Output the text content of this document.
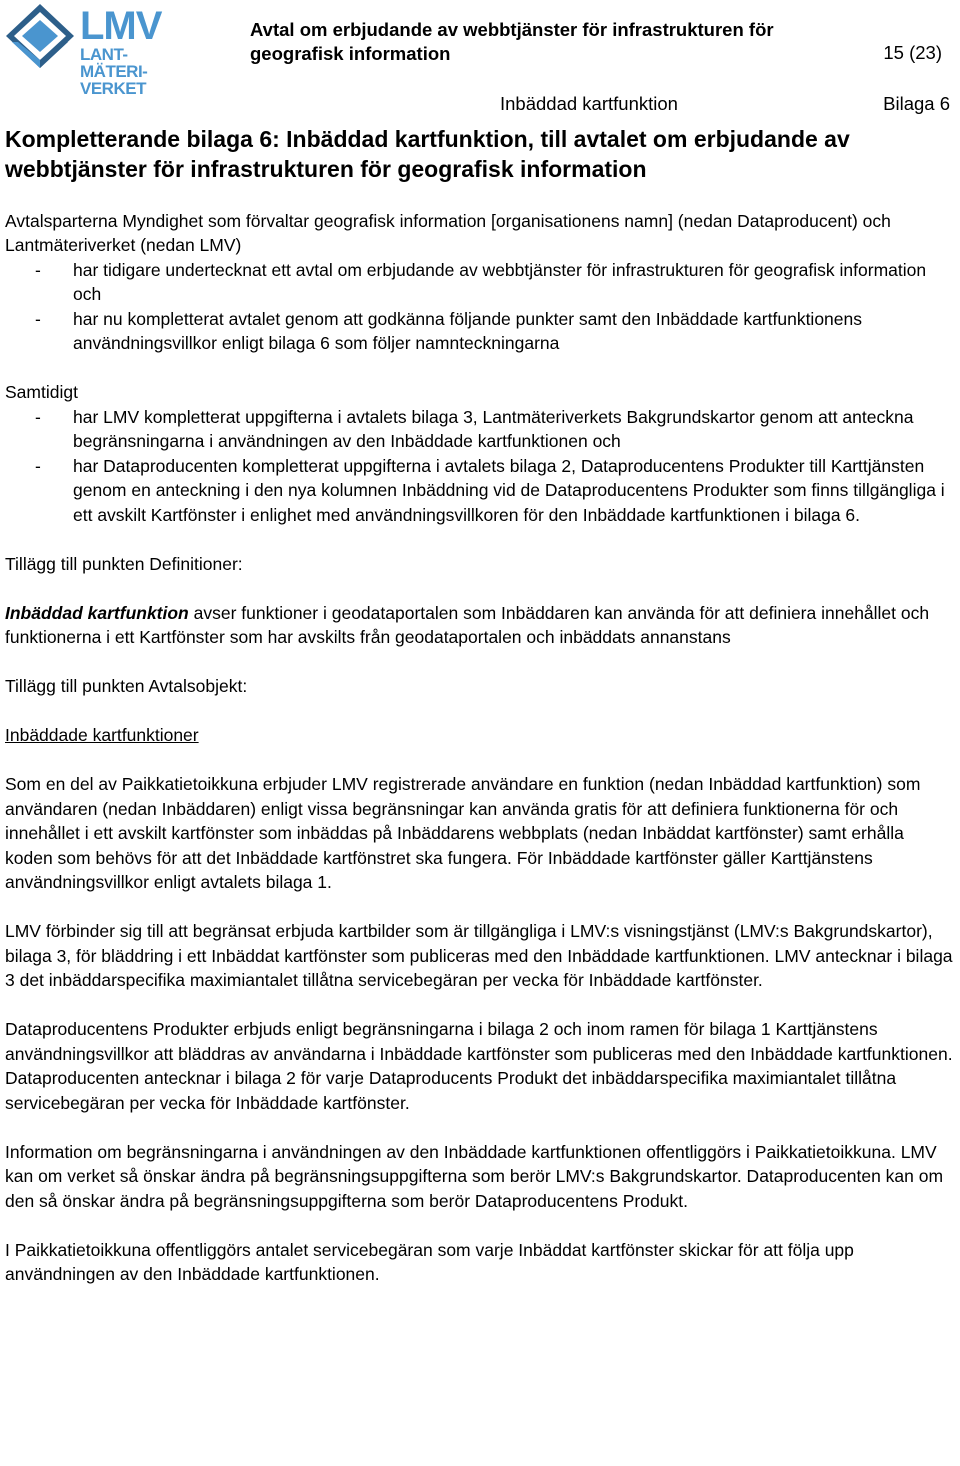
LMV
LANT-
MÄTERI-
VERKET
Avtal om erbjudande av webbtjänster för infrastrukturen för
geografisk information	15 (23)
Inbäddad kartfunktion	Bilaga 6
Kompletterande bilaga 6: Inbäddad kartfunktion, till avtalet om erbjudande av webbtjänster för infrastrukturen för geografisk information

Avtalsparterna Myndighet som förvaltar geografisk information [organisationens namn] (nedan Dataproducent) och Lantmäteriverket (nedan LMV)

- har tidigare undertecknat ett avtal om erbjudande av webbtjänster för infrastrukturen för geografisk information och
- har nu kompletterat avtalet genom att godkänna följande punkter samt den Inbäddade kartfunktionens användningsvillkor enligt bilaga 6 som följer namnteckningarna

Samtidigt

- har LMV kompletterat uppgifterna i avtalets bilaga 3, Lantmäteriverkets Bakgrundskartor genom att anteckna begränsningarna i användningen av den Inbäddade kartfunktionen och
- har Dataproducenten kompletterat uppgifterna i avtalets bilaga 2, Dataproducentens Produkter till Karttjänsten genom en anteckning i den nya kolumnen Inbäddning vid de Dataproducentens Produkter som finns tillgängliga i ett avskilt Kartfönster i enlighet med användningsvillkoren för den Inbäddade kartfunktionen i bilaga 6.

Tillägg till punkten Definitioner:

Inbäddad kartfunktion avser funktioner i geodataportalen som Inbäddaren kan använda för att definiera innehållet och funktionerna i ett Kartfönster som har avskilts från geodataportalen och inbäddats annanstans

Tillägg till punkten Avtalsobjekt:

Inbäddade kartfunktioner

Som en del av Paikkatietoikkuna erbjuder LMV registrerade användare en funktion (nedan Inbäddad kartfunktion) som användaren (nedan Inbäddaren) enligt vissa begränsningar kan använda gratis för att definiera funktionerna för och innehållet i ett avskilt kartfönster som inbäddas på Inbäddarens webbplats (nedan Inbäddat kartfönster) samt erhålla koden som behövs för att det Inbäddade kartfönstret ska fungera. För Inbäddade kartfönster gäller Karttjänstens användningsvillkor enligt avtalets bilaga 1.

LMV förbinder sig till att begränsat erbjuda kartbilder som är tillgängliga i LMV:s visningstjänst (LMV:s Bakgrundskartor), bilaga 3, för bläddring i ett Inbäddat kartfönster som publiceras med den Inbäddade kartfunktionen. LMV antecknar i bilaga 3 det inbäddarspecifika maximiantalet tillåtna servicebegäran per vecka för Inbäddade kartfönster.

Dataproducentens Produkter erbjuds enligt begränsningarna i bilaga 2 och inom ramen för bilaga 1 Karttjänstens användningsvillkor att bläddras av användarna i Inbäddade kartfönster som publiceras med den Inbäddade kartfunktionen. Dataproducenten antecknar i bilaga 2 för varje Dataproducents Produkt det inbäddarspecifika maximiantalet tillåtna servicebegäran per vecka för Inbäddade kartfönster.

Information om begränsningarna i användningen av den Inbäddade kartfunktionen offentliggörs i Paikkatietoikkuna. LMV kan om verket så önskar ändra på begränsningsuppgifterna som berör LMV:s Bakgrundskartor. Dataproducenten kan om den så önskar ändra på begränsningsuppgifterna som berör Dataproducentens Produkt.

I Paikkatietoikkuna offentliggörs antalet servicebegäran som varje Inbäddat kartfönster skickar för att följa upp användningen av den Inbäddade kartfunktionen.
